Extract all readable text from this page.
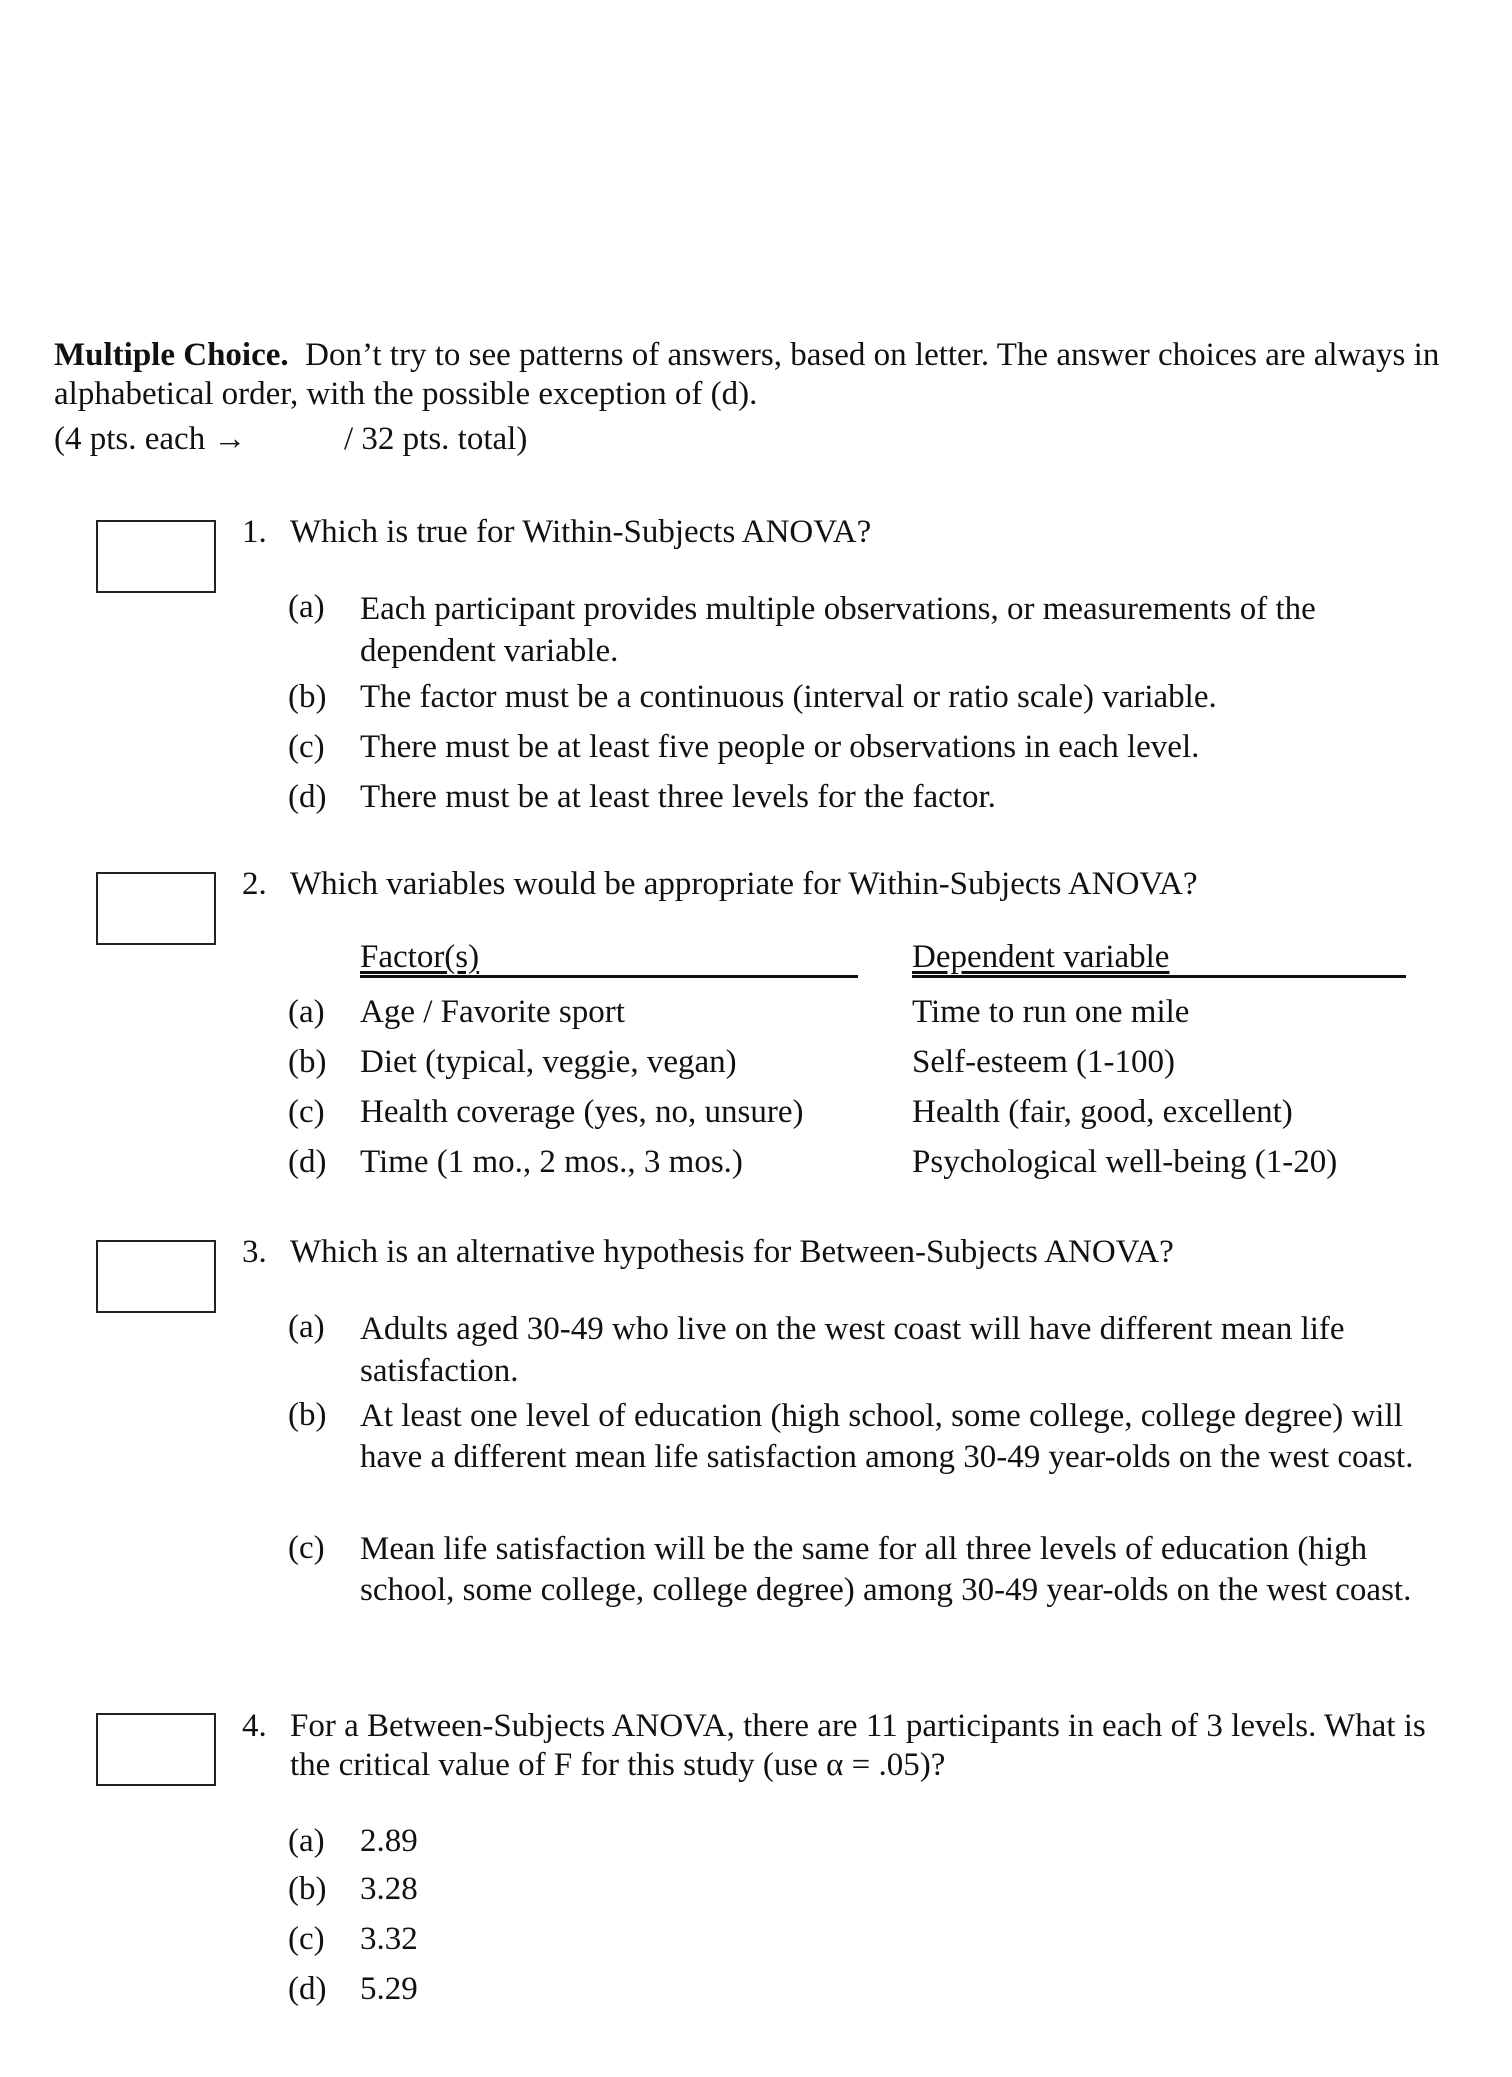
Multiple Choice. Don’t try to see patterns of answers, based on letter. The answer choices are always in alphabetical order, with the possible exception of (d).
(4 pts. each →	/ 32 pts. total)
1. Which is true for Within-Subjects ANOVA?
(a) Each participant provides multiple observations, or measurements of the dependent variable.
(b) The factor must be a continuous (interval or ratio scale) variable.
(c) There must be at least five people or observations in each level.
(d) There must be at least three levels for the factor.
2. Which variables would be appropriate for Within-Subjects ANOVA?
Factor(s)	Dependent variable
(a) Age / Favorite sport	Time to run one mile
(b) Diet (typical, veggie, vegan)	Self-esteem (1-100)
(c) Health coverage (yes, no, unsure)	Health (fair, good, excellent)
(d) Time (1 mo., 2 mos., 3 mos.)	Psychological well-being (1-20)
3. Which is an alternative hypothesis for Between-Subjects ANOVA?
(a) Adults aged 30-49 who live on the west coast will have different mean life satisfaction.
(b) At least one level of education (high school, some college, college degree) will have a different mean life satisfaction among 30-49 year-olds on the west coast.
(c) Mean life satisfaction will be the same for all three levels of education (high school, some college, college degree) among 30-49 year-olds on the west coast.
4. For a Between-Subjects ANOVA, there are 11 participants in each of 3 levels. What is the critical value of F for this study (use α = .05)?
(a) 2.89
(b) 3.28
(c) 3.32
(d) 5.29
